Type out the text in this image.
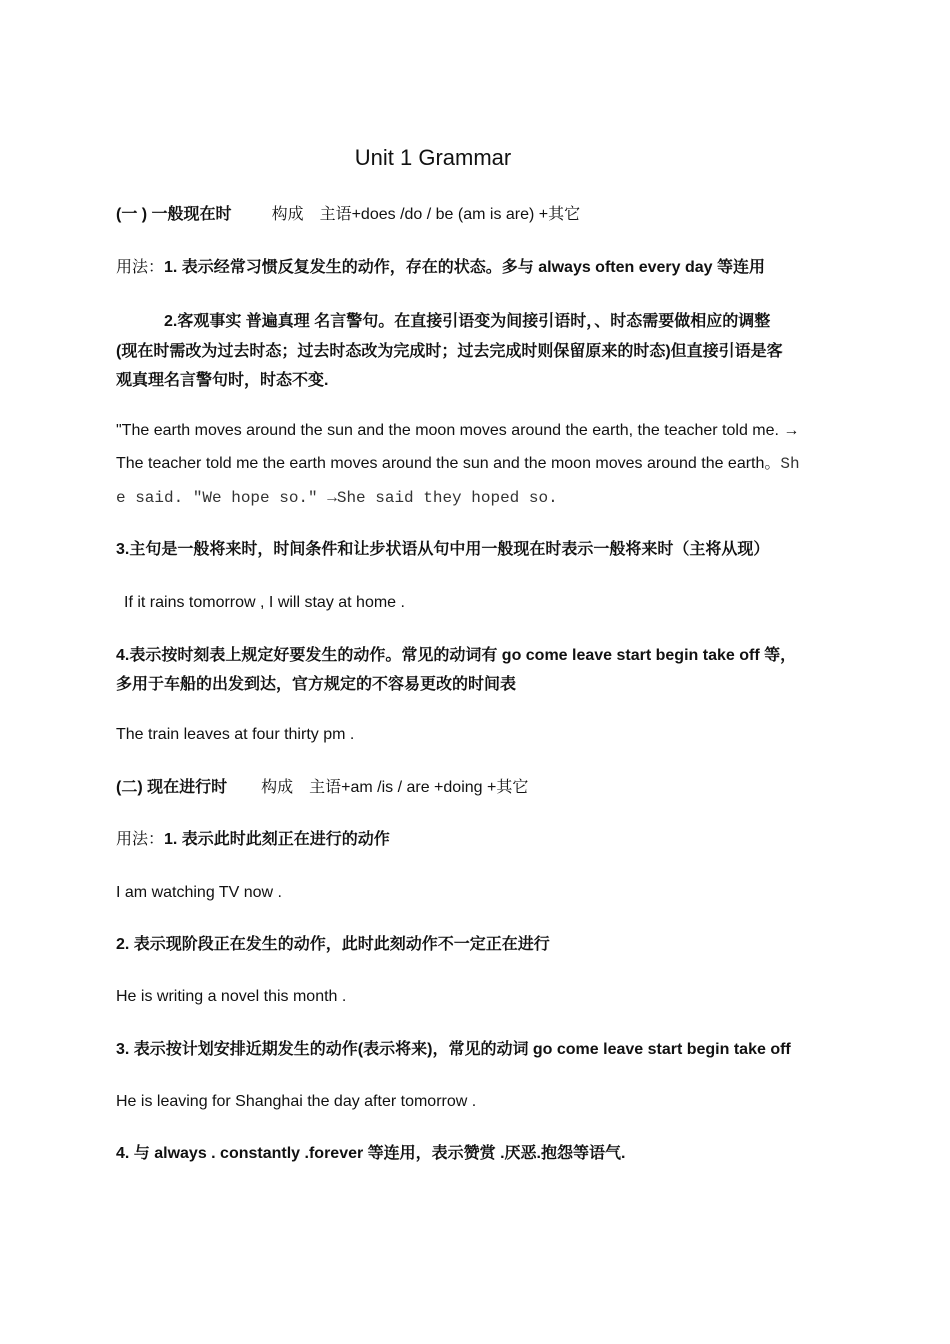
Unit 1 Grammar
(一 ) 一般现在时	构成 主语+does /do / be (am is are) +其它
用法：1. 表示经常习惯反复发生的动作，存在的状态。多与 always often every day 等连用
2.客观事实 普遍真理 名言警句。在直接引语变为间接引语时，、时态需要做相应的调整
(现在时需改为过去时态；过去时态改为完成时；过去完成时则保留原来的时态)但直接引语是客
观真理名言警句时，时态不变.
"The earth moves around the sun and the moon moves around the earth, the teacher told me. →
The teacher told me the earth moves around the sun and the moon moves around the earth。Sh
e said. ″We hope so.″ →She said they hoped so.
3.主句是一般将来时，时间条件和让步状语从句中用一般现在时表示一般将来时（主将从现）
If it rains tomorrow , I will stay at home .
4.表示按时刻表上规定好要发生的动作。常见的动词有 go come leave start begin take off 等，
多用于车船的出发到达，官方规定的不容易更改的时间表
The train leaves at four thirty pm .
(二) 现在进行时 构成 主语+am /is / are +doing +其它
用法：1. 表示此时此刻正在进行的动作
I am watching TV now .
2. 表示现阶段正在发生的动作，此时此刻动作不一定正在进行
He is writing a novel this month .
3. 表示按计划安排近期发生的动作(表示将来)，常见的动词 go come leave start begin take off
He is leaving for Shanghai the day after tomorrow .
4. 与 always . constantly .forever 等连用，表示赞赏 .厌恶.抱怨等语气.
